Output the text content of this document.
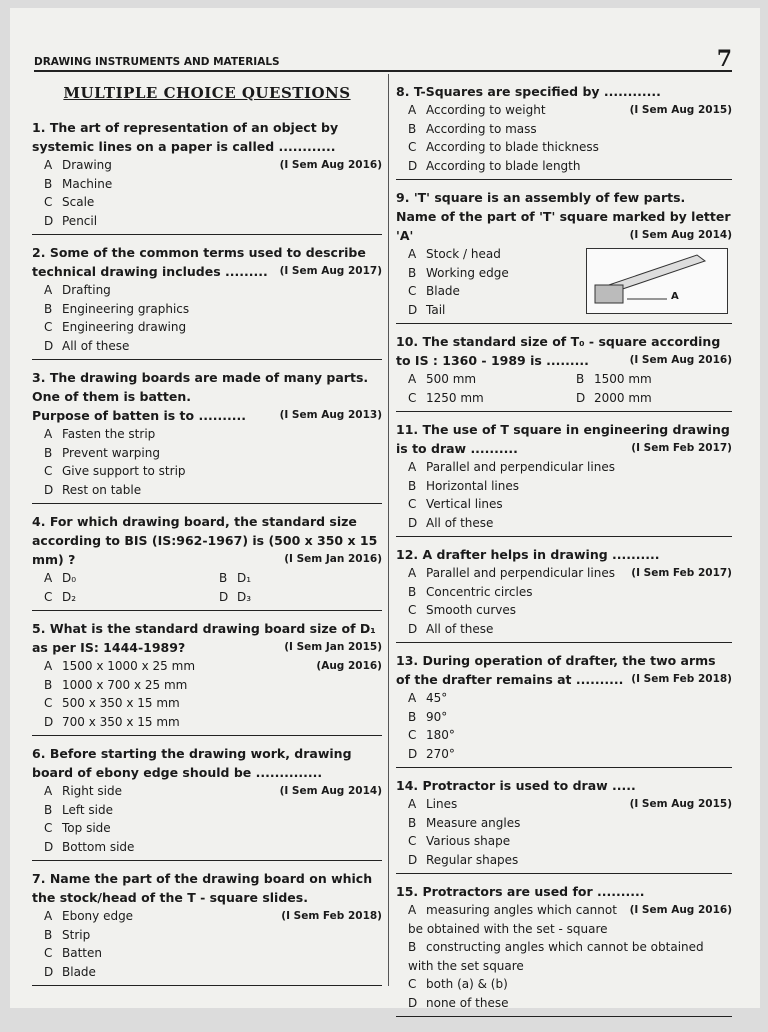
DRAWING INSTRUMENTS AND MATERIALS	7
MULTIPLE CHOICE QUESTIONS
1. The art of representation of an object by systemic lines on a paper is called ............
(I Sem Aug 2016)
A Drawing
B Machine
C Scale
D Pencil
2. Some of the common terms used to describe technical drawing includes ......... (I Sem Aug 2017)
A Drafting
B Engineering graphics
C Engineering drawing
D All of these
3. The drawing boards are made of many parts. One of them is batten.
Purpose of batten is to ..........	(I Sem Aug 2013)
A Fasten the strip
B Prevent warping
C Give support to strip
D Rest on table
4. For which drawing board, the standard size according to BIS (IS:962-1967) is (500 x 350 x 15 mm) ?	(I Sem Jan 2016)
A D₀	B D₁
C D₂	D D₃
5. What is the standard drawing board size of D₁ as per IS: 1444-1989?	(I Sem Jan 2015)
(Aug 2016)
A 1500 x 1000 x 25 mm
B 1000 x 700 x 25 mm
C 500 x 350 x 15 mm
D 700 x 350 x 15 mm
6. Before starting the drawing work, drawing board of ebony edge should be ..............
(I Sem Aug 2014)
A Right side
B Left side
C Top side
D Bottom side
7. Name the part of the drawing board on which the stock/head of the T - square slides.
(I Sem Feb 2018)
A Ebony edge
B Strip
C Batten
D Blade
8. T-Squares are specified by ............
(I Sem Aug 2015)
A According to weight
B According to mass
C According to blade thickness
D According to blade length
9. 'T' square is an assembly of few parts.
Name of the part of 'T' square marked by letter 'A'	(I Sem Aug 2014)
A Stock / head
B Working edge
C Blade
D Tail
A
10. The standard size of T₀ - square according to IS : 1360 - 1989 is .........	(I Sem Aug 2016)
A 500 mm	B 1500 mm
C 1250 mm	D 2000 mm
11. The use of T square in engineering drawing is to draw ..........	(I Sem Feb 2017)
A Parallel and perpendicular lines
B Horizontal lines
C Vertical lines
D All of these
12. A drafter helps in drawing ..........
(I Sem Feb 2017)
A Parallel and perpendicular lines
B Concentric circles
C Smooth curves
D All of these
13. During operation of drafter, the two arms of the drafter remains at .......... (I Sem Feb 2018)
A 45°
B 90°
C 180°
D 270°
14. Protractor is used to draw .....
(I Sem Aug 2015)
A Lines
B Measure angles
C Various shape
D Regular shapes
15. Protractors are used for ..........
(I Sem Aug 2016)
A measuring angles which cannot be obtained with the set - square
B constructing angles which cannot be obtained with the set square
C both (a) & (b)
D none of these
